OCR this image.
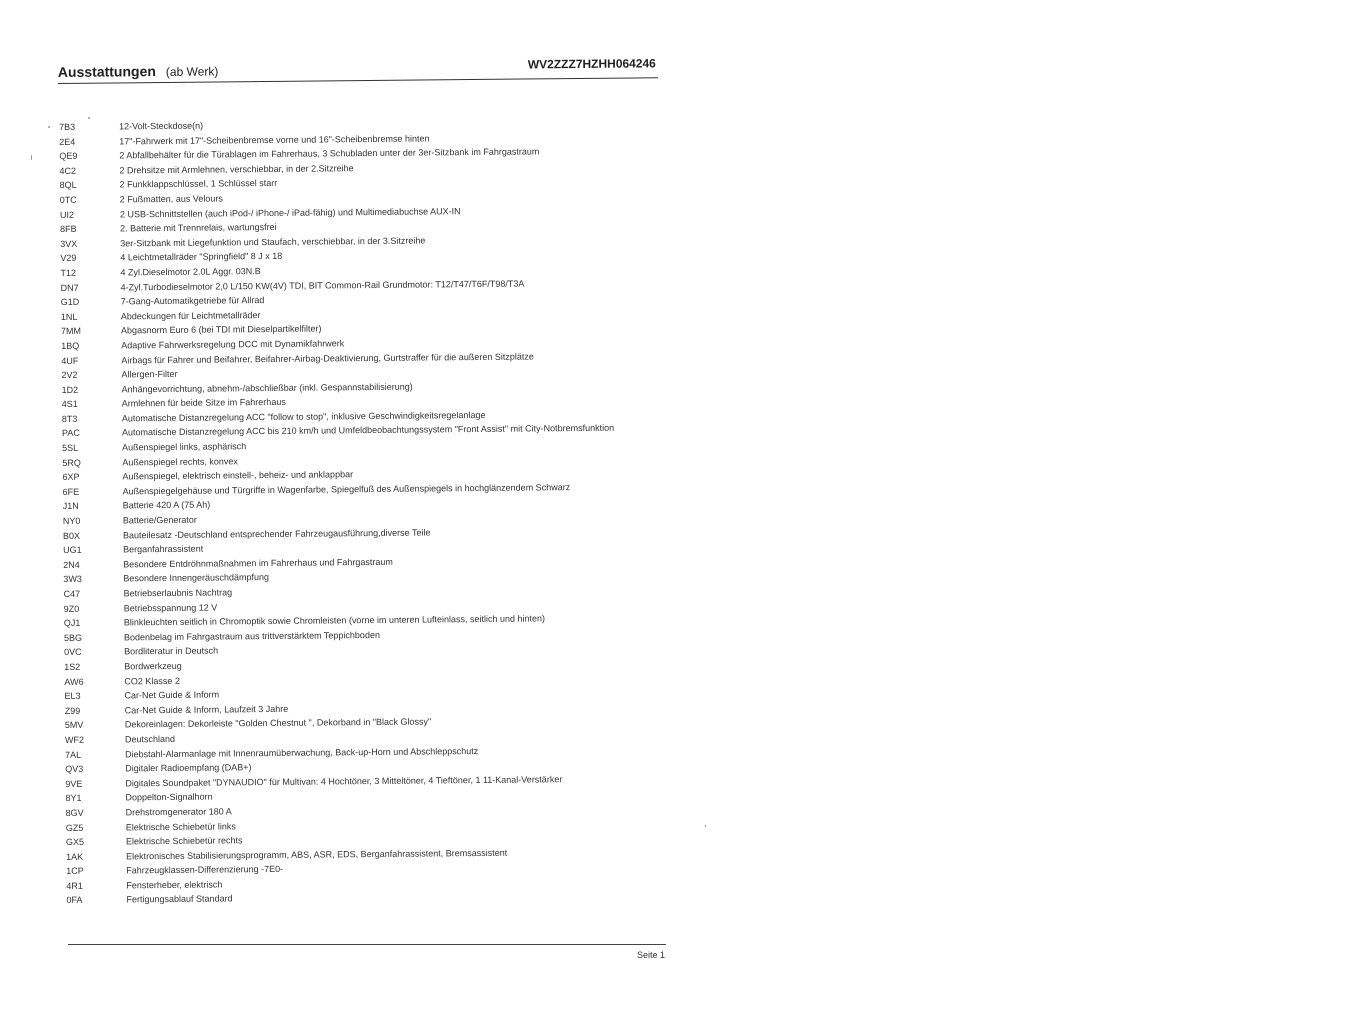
Ausstattungen (ab Werk)
WV2ZZZ7HZHH064246
7B3	12-Volt-Steckdose(n)
2E4	17"-Fahrwerk mit 17"-Scheibenbremse vorne und 16"-Scheibenbremse hinten
QE9	2 Abfallbehälter für die Türablagen im Fahrerhaus, 3 Schubladen unter der 3er-Sitzbank im Fahrgastraum
4C2	2 Drehsitze mit Armlehnen, verschiebbar, in der 2.Sitzreihe
8QL	2 Funkklappschlüssel, 1 Schlüssel starr
0TC	2 Fußmatten, aus Velours
UI2	2 USB-Schnittstellen (auch iPod-/ iPhone-/ iPad-fähig) und Multimediabuchse AUX-IN
8FB	2. Batterie mit Trennrelais, wartungsfrei
3VX	3er-Sitzbank mit Liegefunktion und Staufach, verschiebbar, in der 3.Sitzreihe
V29	4 Leichtmetallräder "Springfield" 8 J x 18
T12	4 Zyl.Dieselmotor 2.0L Aggr. 03N.B
DN7	4-Zyl.Turbodieselmotor 2,0 L/150 KW(4V) TDI, BIT Common-Rail Grundmotor: T12/T47/T6F/T98/T3A
G1D	7-Gang-Automatikgetriebe für Allrad
1NL	Abdeckungen für Leichtmetallräder
7MM	Abgasnorm Euro 6 (bei TDI mit Dieselpartikelfilter)
1BQ	Adaptive Fahrwerksregelung DCC mit Dynamikfahrwerk
4UF	Airbags für Fahrer und Beifahrer, Beifahrer-Airbag-Deaktivierung, Gurtstraffer für die außeren Sitzplätze
2V2	Allergen-Filter
1D2	Anhängevorrichtung, abnehm-/abschließbar (inkl. Gespannstabilisierung)
4S1	Armlehnen für beide Sitze im Fahrerhaus
8T3	Automatische Distanzregelung ACC "follow to stop", inklusive Geschwindigkeitsregelanlage
PAC	Automatische Distanzregelung ACC bis 210 km/h und Umfeldbeobachtungssystem "Front Assist" mit City-Notbremsfunktion
5SL	Außenspiegel links, asphärisch
5RQ	Außenspiegel rechts, konvex
6XP	Außenspiegel, elektrisch einstell-, beheiz- und anklappbar
6FE	Außenspiegelgehäuse und Türgriffe in Wagenfarbe, Spiegelfuß des Außenspiegels in hochglänzendem Schwarz
J1N	Batterie 420 A (75 Ah)
NY0	Batterie/Generator
B0X	Bauteilesatz -Deutschland entsprechender Fahrzeugausführung,diverse Teile
UG1	Berganfahrassistent
2N4	Besondere Entdröhnmaßnahmen im Fahrerhaus und Fahrgastraum
3W3	Besondere Innengeräuschdämpfung
C47	Betriebserlaubnis Nachtrag
9Z0	Betriebsspannung 12 V
QJ1	Blinkleuchten seitlich in Chromoptik sowie Chromleisten (vorne im unteren Lufteinlass, seitlich und hinten)
5BG	Bodenbelag im Fahrgastraum aus trittverstärktem Teppichboden
0VC	Bordliteratur in Deutsch
1S2	Bordwerkzeug
AW6	CO2 Klasse 2
EL3	Car-Net Guide & Inform
Z99	Car-Net Guide & Inform, Laufzeit 3 Jahre
5MV	Dekoreinlagen: Dekorleiste "Golden Chestnut ", Dekorband in "Black Glossy"
WF2	Deutschland
7AL	Diebstahl-Alarmanlage mit Innenraumüberwachung, Back-up-Horn und Abschleppschutz
QV3	Digitaler Radioempfang (DAB+)
9VE	Digitales Soundpaket "DYNAUDIO" für Multivan: 4 Hochtöner, 3 Mitteltöner, 4 Tieftöner, 1 11-Kanal-Verstärker
8Y1	Doppelton-Signalhorn
8GV	Drehstromgenerator 180 A
GZ5	Elektrische Schiebetür links
GX5	Elektrische Schiebetür rechts
1AK	Elektronisches Stabilisierungsprogramm, ABS, ASR, EDS, Berganfahrassistent, Bremsassistent
1CP	Fahrzeugklassen-Differenzierung -7E0-
4R1	Fensterheber, elektrisch
0FA	Fertigungsablauf Standard
Seite 1
